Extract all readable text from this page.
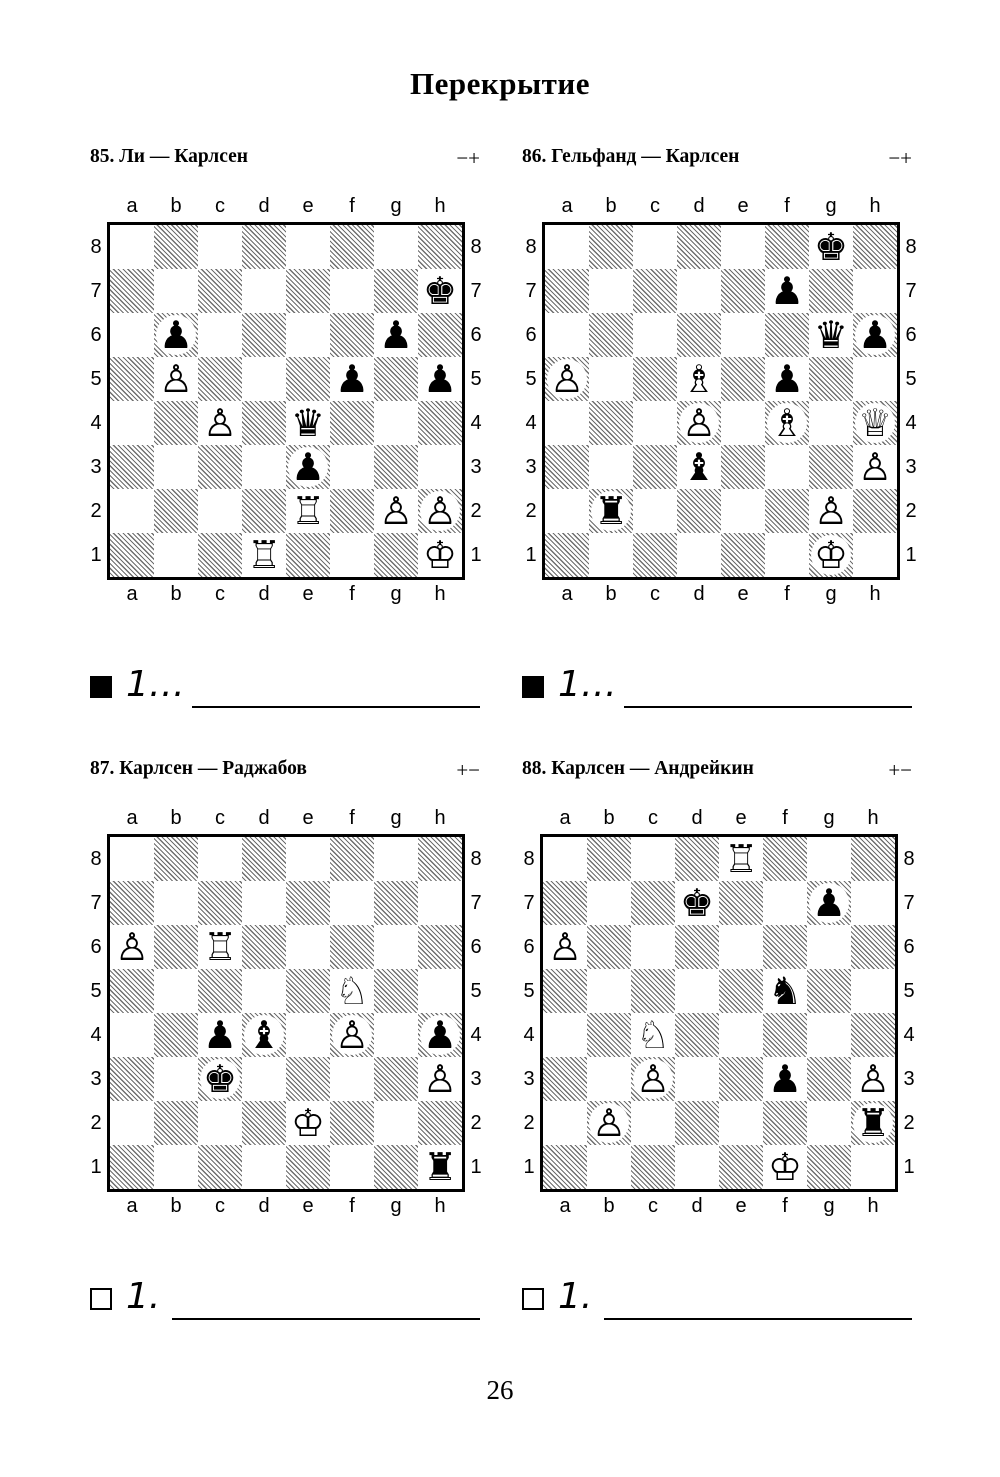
Перекрытие
85. Ли — Карлсен	−+
a
a
b
b
c
c
d
d
e
e
f
f
g
g
h
h
8	8
7	7
6	6
5	5
4	4
3	3
2	2
1	1
♚
♟	♟
♙	♟ ♟
♙ ♛
♟
♖ ♙ ♙
♖	♔
1…
86. Гельфанд — Карлсен	−+
a
a
b
b
c
c
d
d
e
e
f
f
g
g
h
h
8	8
7	7
6	6
5	5
4	4
3	3
2	2
1	1
♚
♟
♛ ♟
♙	♗ ♟
♙ ♗ ♕
♝	♙
♜	♙
♔
1…
87. Карлсен — Раджабов	+−
a
a
b
b
c
c
d
d
e
e
f
f
g
g
h
h
8	8
7	7
6	6
5	5
4	4
3	3
2	2
1	1
♙ ♖
♘
♟ ♝ ♙ ♟
♚	♙
♔
♜
1.
88. Карлсен — Андрейкин	+−
a
a
b
b
c
c
d
d
e
e
f
f
g
g
h
h
8	8
7	7
6	6
5	5
4	4
3	3
2	2
1	1
♖
♚	♟
♙
♞
♘
♙	♟ ♙
♙	♜
♔
1.
26
